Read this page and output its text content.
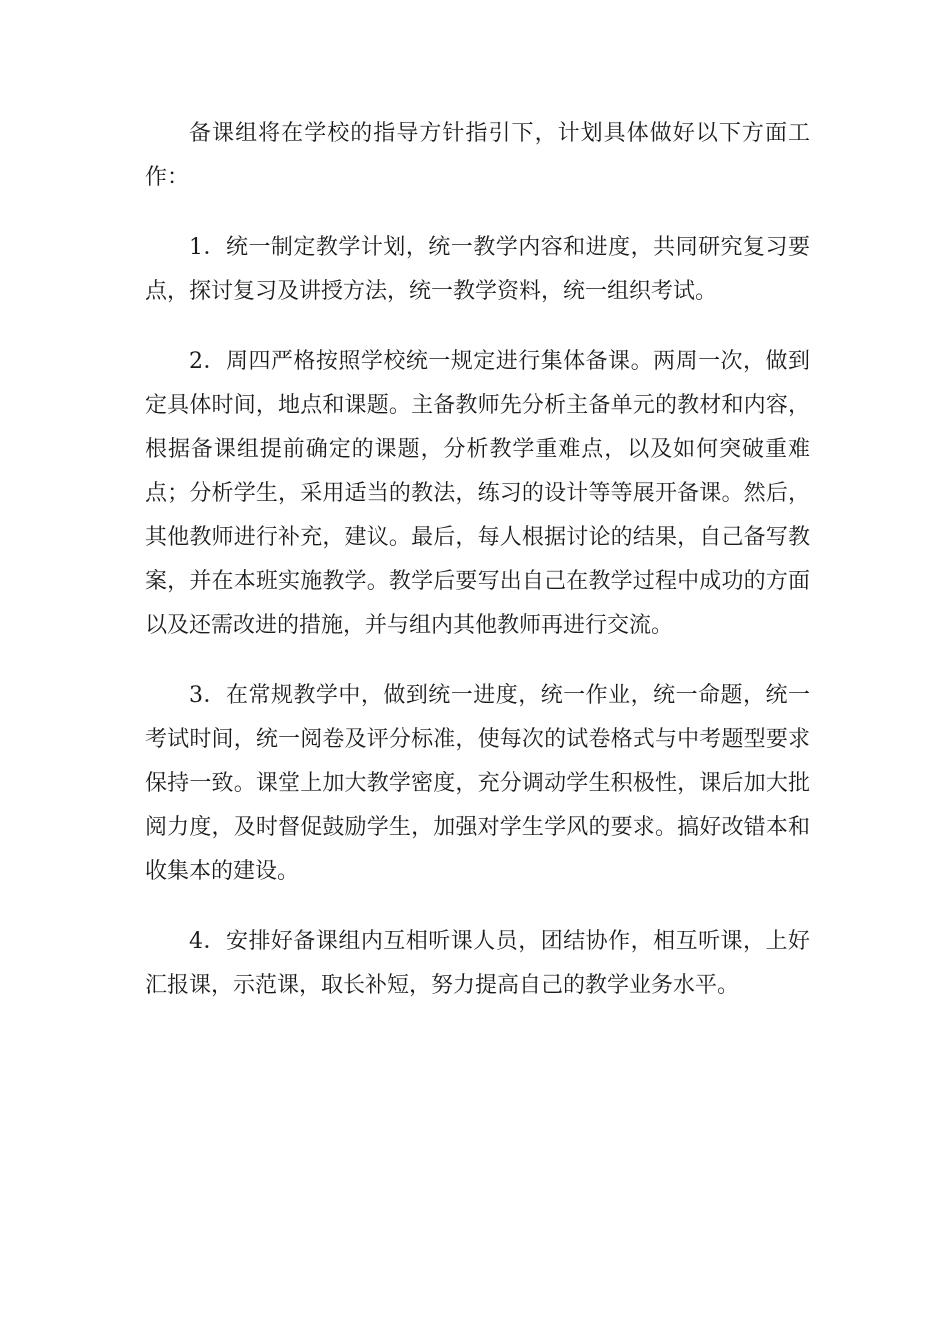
备课组将在学校的指导方针指引下，计划具体做好以下方面工作：

1．统一制定教学计划，统一教学内容和进度，共同研究复习要点，探讨复习及讲授方法，统一教学资料，统一组织考试。

2．周四严格按照学校统一规定进行集体备课。两周一次，做到定具体时间，地点和课题。主备教师先分析主备单元的教材和内容，根据备课组提前确定的课题，分析教学重难点，以及如何突破重难点；分析学生，采用适当的教法，练习的设计等等展开备课。然后，其他教师进行补充，建议。最后，每人根据讨论的结果，自己备写教案，并在本班实施教学。教学后要写出自己在教学过程中成功的方面以及还需改进的措施，并与组内其他教师再进行交流。

3．在常规教学中，做到统一进度，统一作业，统一命题，统一考试时间，统一阅卷及评分标准，使每次的试卷格式与中考题型要求保持一致。课堂上加大教学密度，充分调动学生积极性，课后加大批阅力度，及时督促鼓励学生，加强对学生学风的要求。搞好改错本和收集本的建设。

4．安排好备课组内互相听课人员，团结协作，相互听课，上好汇报课，示范课，取长补短，努力提高自己的教学业务水平。
